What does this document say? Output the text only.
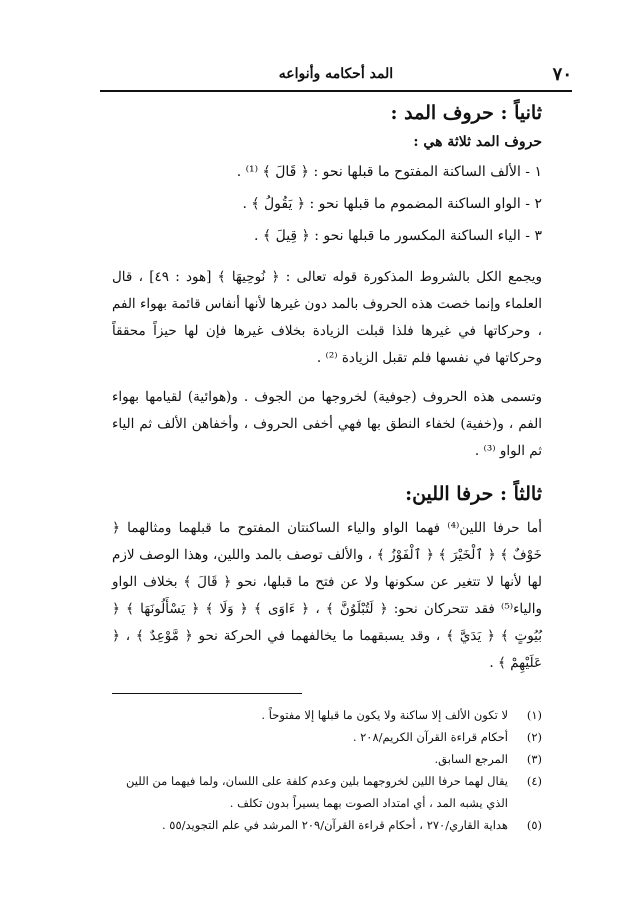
٧٠
المد أحكامه وأنواعه
ثانياً : حروف المد :
حروف المد ثلاثة هي :
١ - الألف الساكنة المفتوح ما قبلها نحو : ﴿ قَالَ ﴾ ⁽¹⁾ .
٢ - الواو الساكنة المضموم ما قبلها نحو : ﴿ يَقُولُ ﴾ .
٣ - الياء الساكنة المكسور ما قبلها نحو : ﴿ قِيلَ ﴾ .

ويجمع الكل بالشروط المذكورة قوله تعالى : ﴿ نُوحِيهَا ﴾ [هود : ٤٩] ، قال العلماء وإنما خصت هذه الحروف بالمد دون غيرها لأنها أنفاس قائمة بهواء الفم ، وحركاتها في غيرها فلذا قبلت الزيادة بخلاف غيرها فإن لها حيزاً محققاً وحركاتها في نفسها فلم تقبل الزيادة ⁽²⁾ .

وتسمى هذه الحروف (جوفية) لخروجها من الجوف . و(هوائية) لقيامها بهواء الفم ، و(خفية) لخفاء النطق بها فهي أخفى الحروف ، وأخفاهن الألف ثم الياء ثم الواو ⁽³⁾ .

ثالثاً : حرفا اللين:

أما حرفا اللين⁽⁴⁾ فهما الواو والياء الساكنتان المفتوح ما قبلهما ومثالهما ﴿ خَوْفٌ ﴾ ﴿ ٱلْخَيْرَ ﴾ ﴿ ٱلْفَوْزُ ﴾ ، والألف توصف بالمد واللين، وهذا الوصف لازم لها لأنها لا تتغير عن سكونها ولا عن فتح ما قبلها، نحو ﴿ قَالَ ﴾ بخلاف الواو والياء⁽⁵⁾ فقد تتحركان نحو: ﴿ لَتُبْلَوُنَّ ﴾ ، ﴿ ءَاوَى ﴾ ﴿ وَلَا ﴾ ﴿ يَسْأَلُونَهَا ﴾ ﴿ بُيُوتٍ ﴾ ﴿ يَدَيَّ ﴾ ، وقد يسبقهما ما يخالفهما في الحركة نحو ﴿ مَّوْعِدٌ ﴾ ، ﴿ عَلَيْهِمْ ﴾ .

(١)
لا تكون الألف إلا ساكنة ولا يكون ما قبلها إلا مفتوحاً .
(٢)
أحكام قراءة القرآن الكريم/٢٠٨ .
(٣)
المرجع السابق.
(٤)
يقال لهما حرفا اللين لخروجهما بلين وعدم كلفة على اللسان، ولما فيهما من اللين الذي يشبه المد ، أي امتداد الصوت بهما يسيراً بدون تكلف .
(٥)
هداية القاري/٢٧٠ ، أحكام قراءة القرآن/٢٠٩ المرشد في علم التجويد/٥٥ .
